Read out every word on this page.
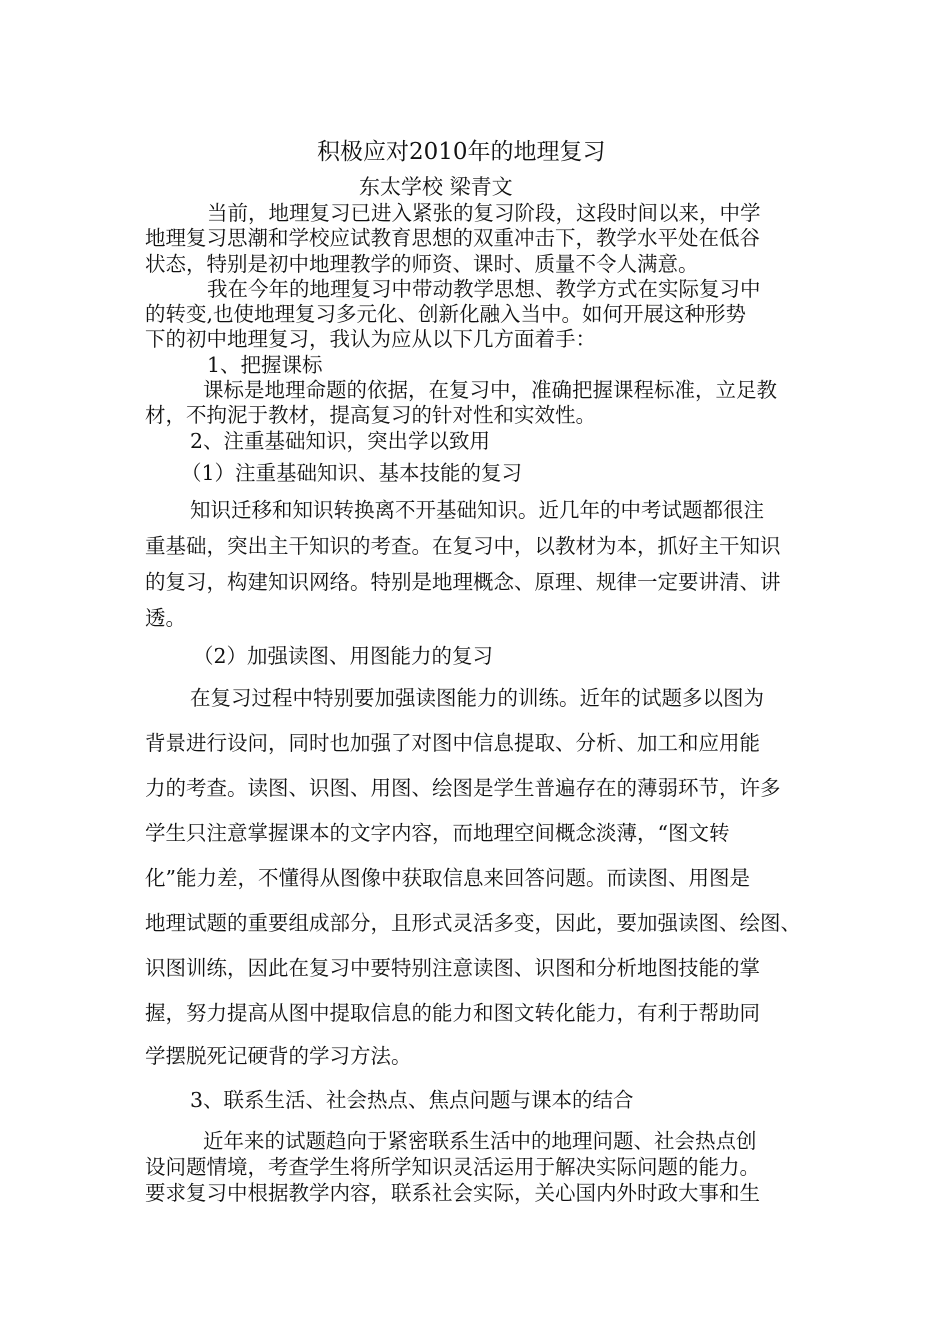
积极应对2010年的地理复习

东太学校 梁青文

当前，地理复习已进入紧张的复习阶段，这段时间以来，中学

地理复习思潮和学校应试教育思想的双重冲击下，教学水平处在低谷

状态，特别是初中地理教学的师资、课时、质量不令人满意。

我在今年的地理复习中带动教学思想、教学方式在实际复习中

的转变,也使地理复习多元化、创新化融入当中。如何开展这种形势

下的初中地理复习，我认为应从以下几方面着手：

1、把握课标

课标是地理命题的依据，在复习中，准确把握课程标准，立足教

材，不拘泥于教材，提高复习的针对性和实效性。

2、注重基础知识，突出学以致用

（1）注重基础知识、基本技能的复习

知识迁移和知识转换离不开基础知识。近几年的中考试题都很注

重基础，突出主干知识的考查。在复习中，以教材为本，抓好主干知识

的复习，构建知识网络。特别是地理概念、原理、规律一定要讲清、讲

透。

（2）加强读图、用图能力的复习

在复习过程中特别要加强读图能力的训练。近年的试题多以图为

背景进行设问，同时也加强了对图中信息提取、分析、加工和应用能

力的考查。读图、识图、用图、绘图是学生普遍存在的薄弱环节，许多

学生只注意掌握课本的文字内容，而地理空间概念淡薄，“图文转

化”能力差，不懂得从图像中获取信息来回答问题。而读图、用图是

地理试题的重要组成部分，且形式灵活多变，因此，要加强读图、绘图、

识图训练，因此在复习中要特别注意读图、识图和分析地图技能的掌

握，努力提高从图中提取信息的能力和图文转化能力，有利于帮助同

学摆脱死记硬背的学习方法。

3、联系生活、社会热点、焦点问题与课本的结合

近年来的试题趋向于紧密联系生活中的地理问题、社会热点创

设问题情境，考查学生将所学知识灵活运用于解决实际问题的能力。

要求复习中根据教学内容，联系社会实际，关心国内外时政大事和生
